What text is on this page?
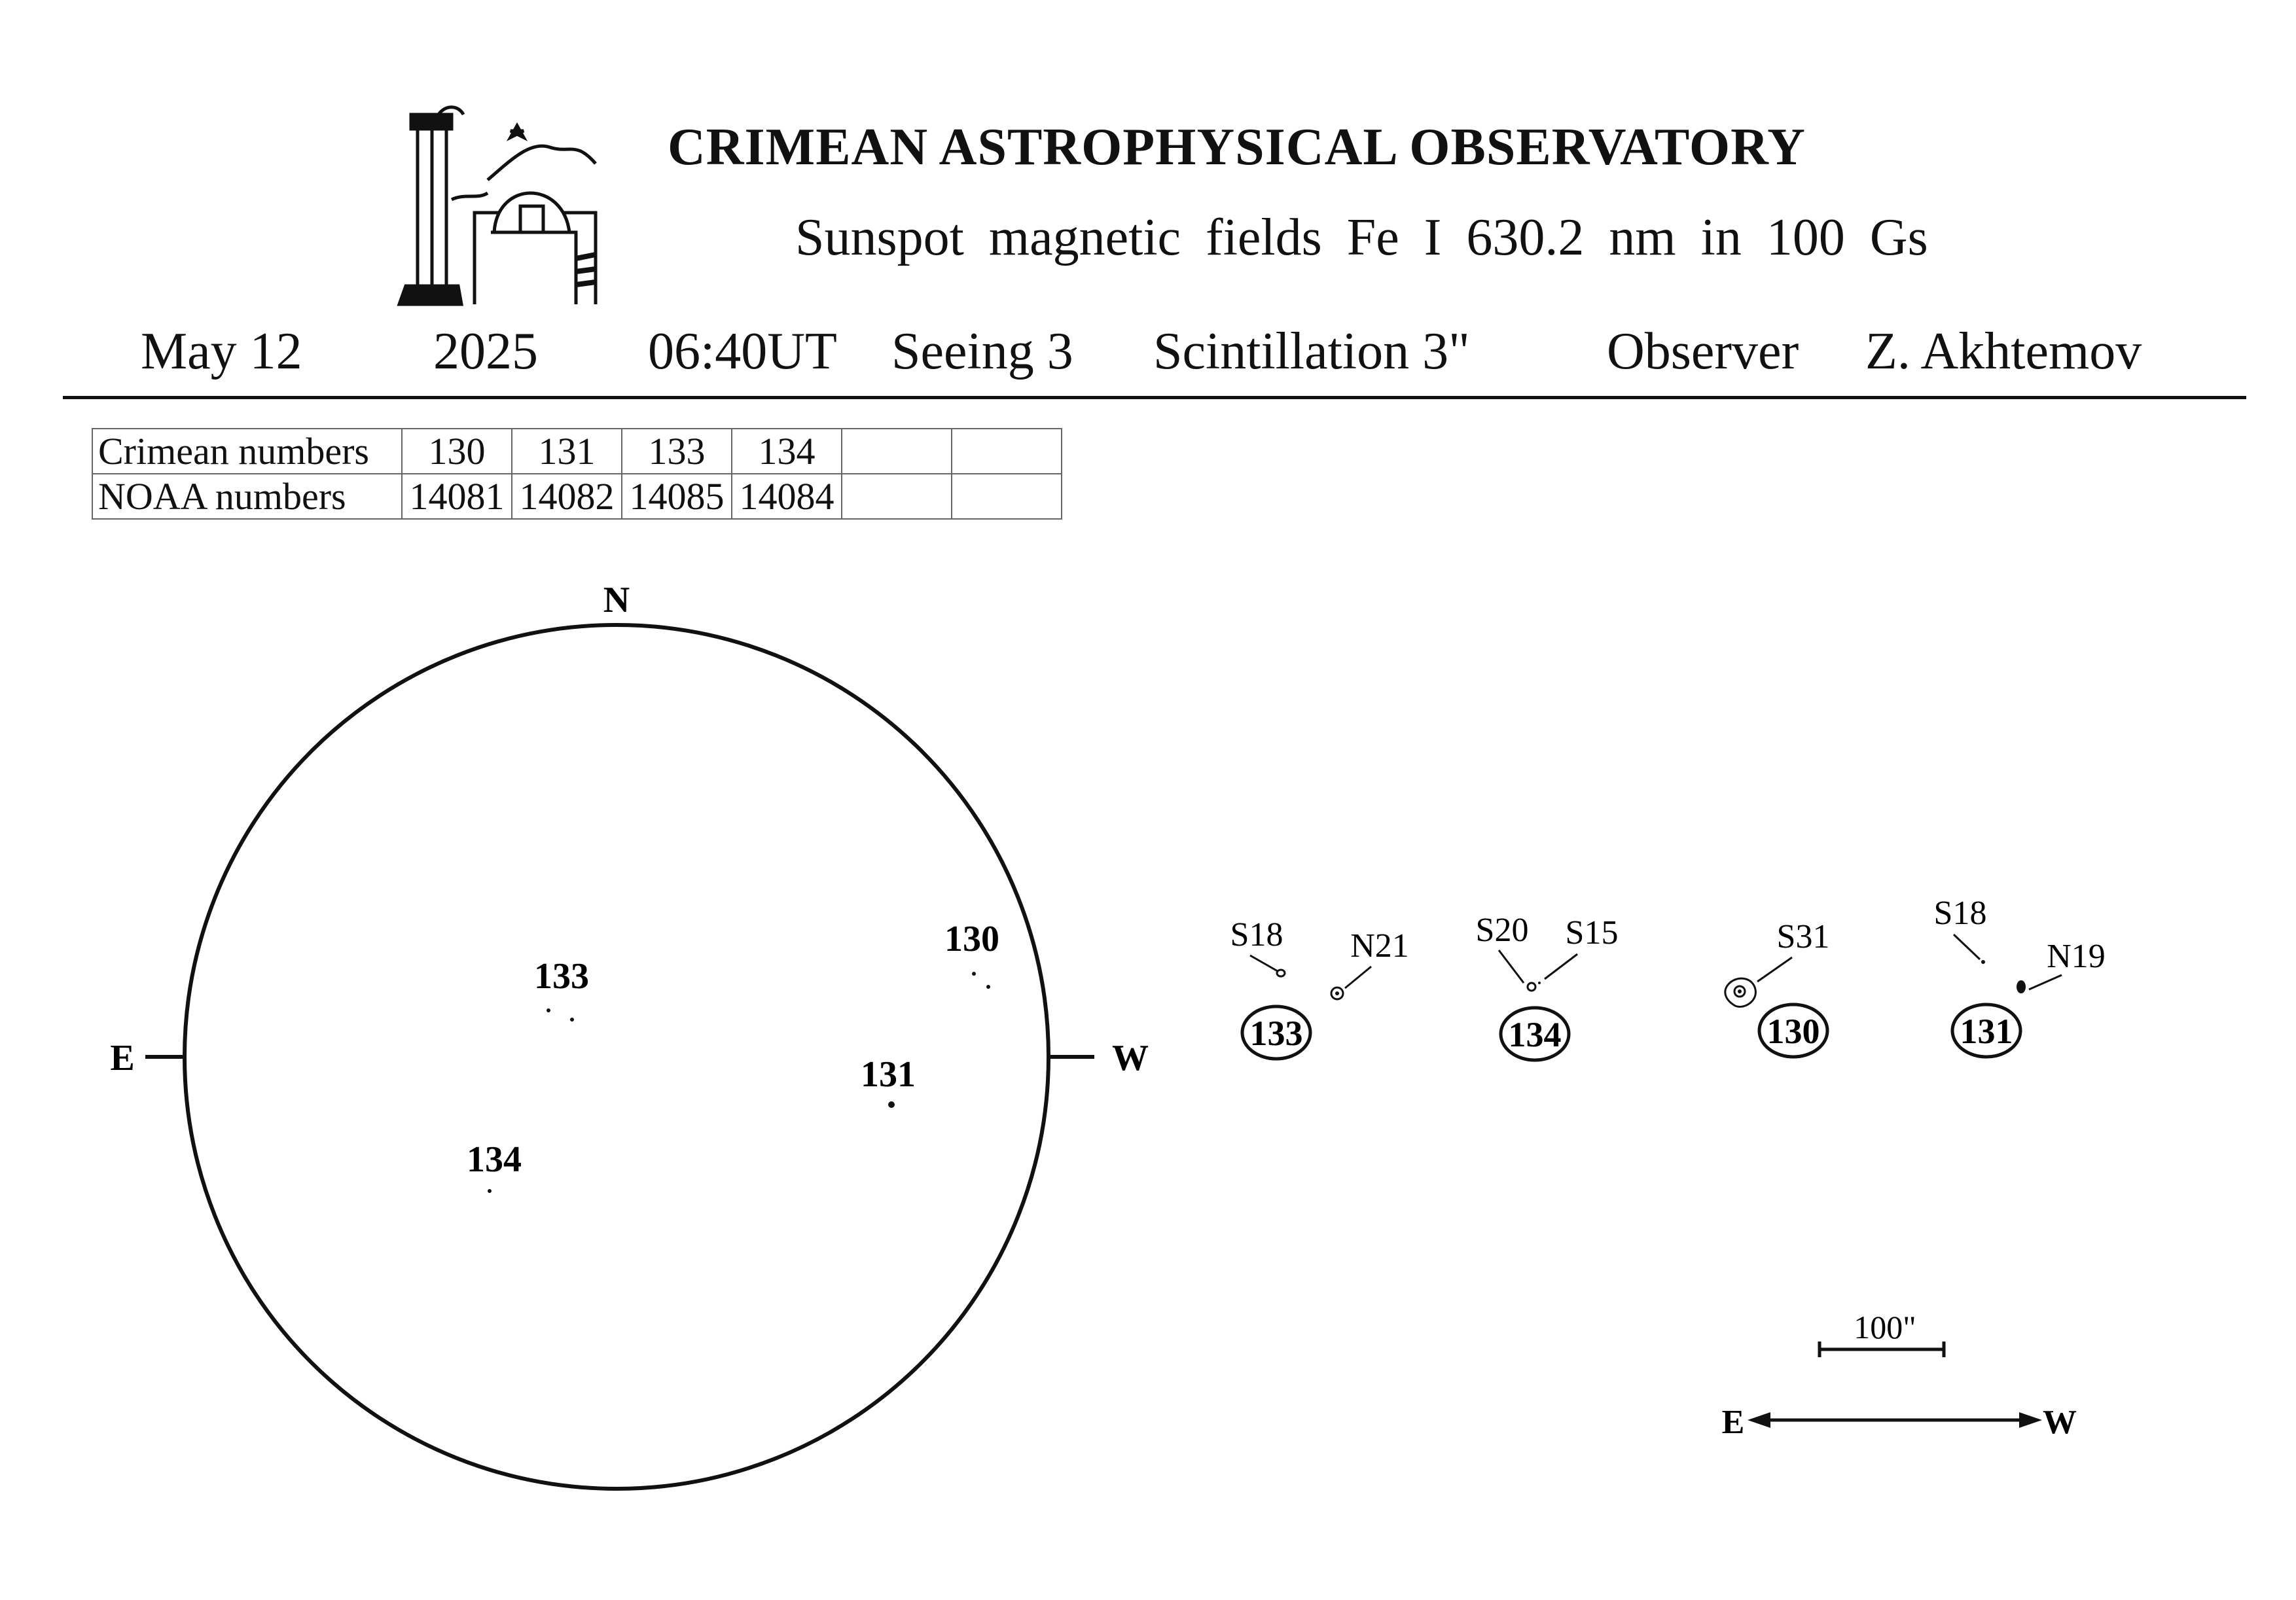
CRIMEAN ASTROPHYSICAL OBSERVATORY
Sunspot magnetic fields Fe I 630.2 nm in 100 Gs
May 12	2025 06:40UT Seeing 3 Scintillation 3"	Observer Z. Akhtemov
Crimean numbers	130	131	133	134		
NOAA numbers	14081	14082	14085	14084		
N
E	W
133
130
131
134
S18 N21
133
S20 S15
134
S31
130
S18
N19
131
100"
E	W
